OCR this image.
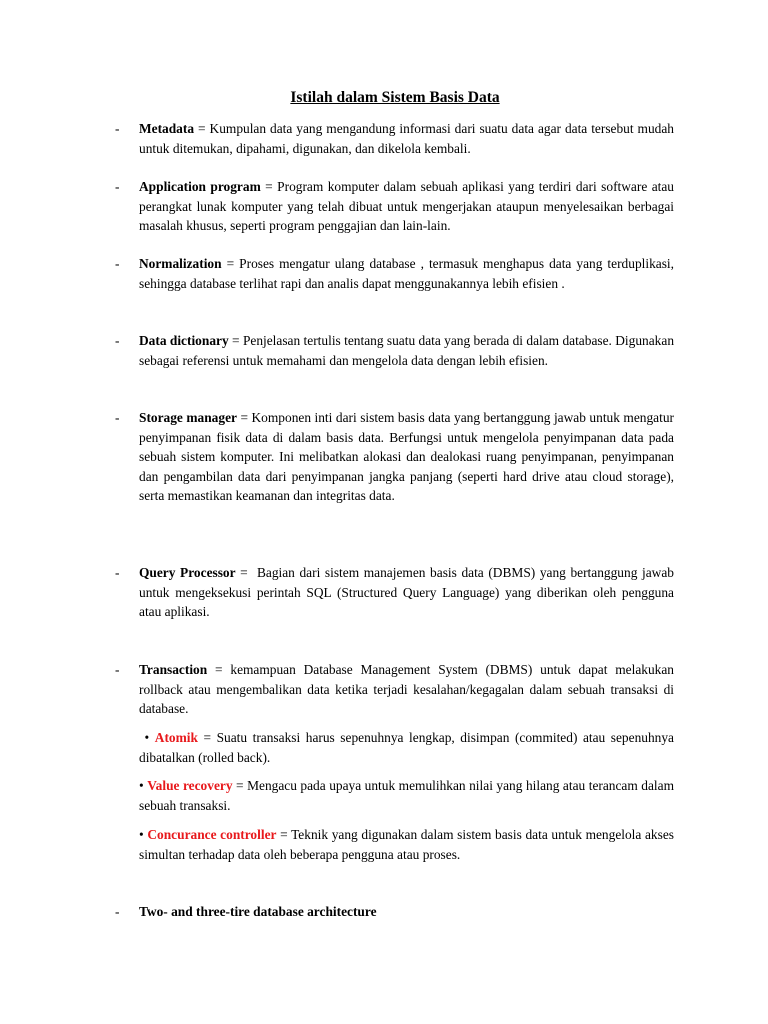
Istilah dalam Sistem Basis Data
- Metadata = Kumpulan data yang mengandung informasi dari suatu data agar data tersebut mudah untuk ditemukan, dipahami, digunakan, dan dikelola kembali.
- Application program = Program komputer dalam sebuah aplikasi yang terdiri dari software atau perangkat lunak komputer yang telah dibuat untuk mengerjakan ataupun menyelesaikan berbagai masalah khusus, seperti program penggajian dan lain-lain.
- Normalization = Proses mengatur ulang database , termasuk menghapus data yang terduplikasi, sehingga database terlihat rapi dan analis dapat menggunakannya lebih efisien .
- Data dictionary = Penjelasan tertulis tentang suatu data yang berada di dalam database. Digunakan sebagai referensi untuk memahami dan mengelola data dengan lebih efisien.
- Storage manager = Komponen inti dari sistem basis data yang bertanggung jawab untuk mengatur penyimpanan fisik data di dalam basis data. Berfungsi untuk mengelola penyimpanan data pada sebuah sistem komputer. Ini melibatkan alokasi dan dealokasi ruang penyimpanan, penyimpanan dan pengambilan data dari penyimpanan jangka panjang (seperti hard drive atau cloud storage), serta memastikan keamanan dan integritas data.
- Query Processor =  Bagian dari sistem manajemen basis data (DBMS) yang bertanggung jawab untuk mengeksekusi perintah SQL (Structured Query Language) yang diberikan oleh pengguna atau aplikasi.
- Transaction = kemampuan Database Management System (DBMS) untuk dapat melakukan rollback atau mengembalikan data ketika terjadi kesalahan/kegagalan dalam sebuah transaksi di database.
• Atomik = Suatu transaksi harus sepenuhnya lengkap, disimpan (commited) atau sepenuhnya dibatalkan (rolled back).
• Value recovery = Mengacu pada upaya untuk memulihkan nilai yang hilang atau terancam dalam sebuah transaksi.
• Concurance controller = Teknik yang digunakan dalam sistem basis data untuk mengelola akses simultan terhadap data oleh beberapa pengguna atau proses.
- Two- and three-tire database architecture
